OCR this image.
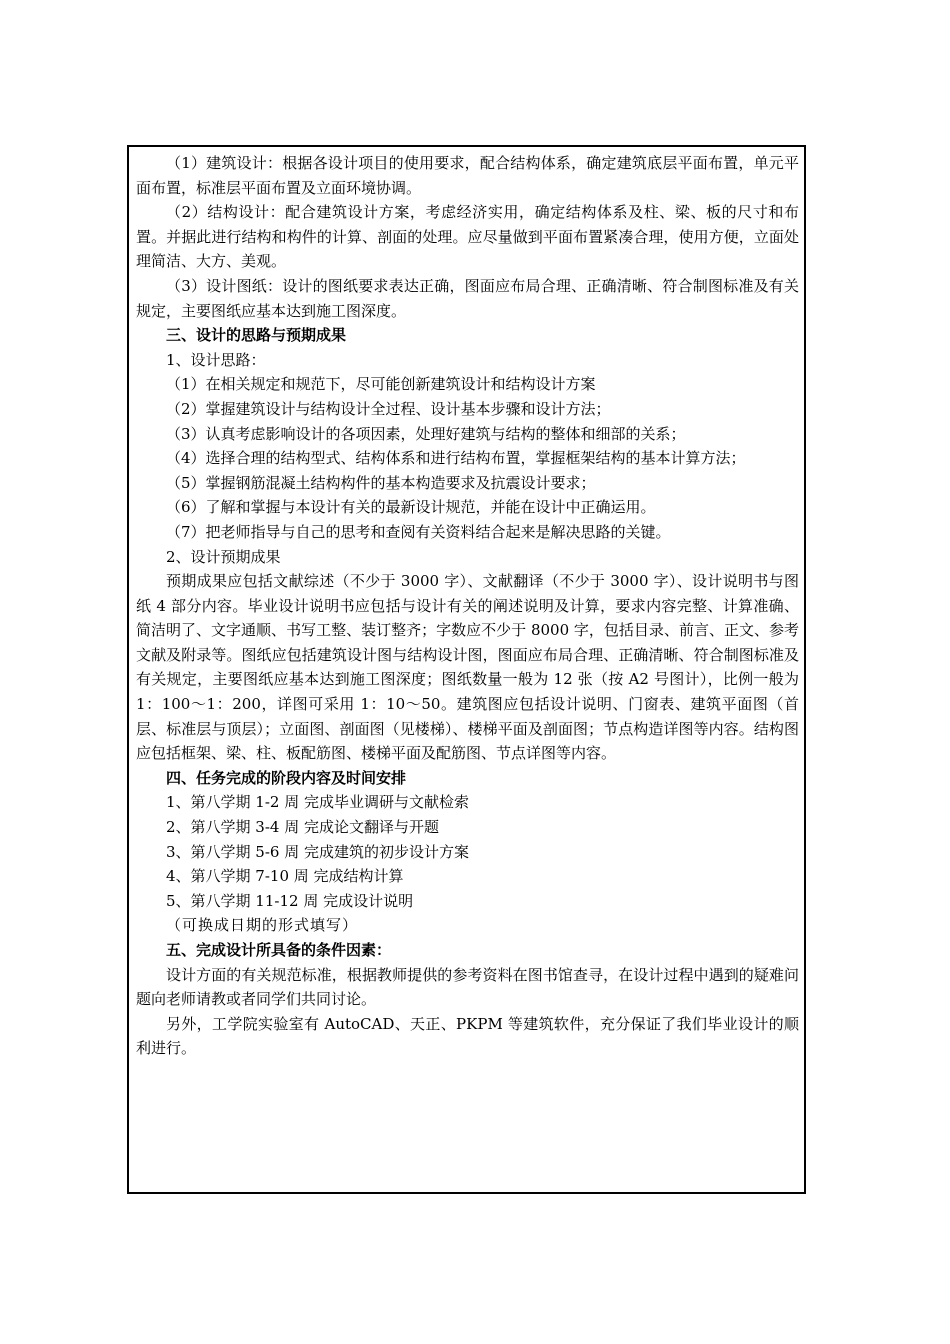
（1）建筑设计：根据各设计项目的使用要求，配合结构体系，确定建筑底层平面布置，单元平面布置，标准层平面布置及立面环境协调。

（2）结构设计：配合建筑设计方案，考虑经济实用，确定结构体系及柱、梁、板的尺寸和布置。并据此进行结构和构件的计算、剖面的处理。应尽量做到平面布置紧凑合理，使用方便，立面处理简洁、大方、美观。

（3）设计图纸：设计的图纸要求表达正确，图面应布局合理、正确清晰、符合制图标准及有关规定，主要图纸应基本达到施工图深度。

三、设计的思路与预期成果

1、设计思路：

（1）在相关规定和规范下，尽可能创新建筑设计和结构设计方案

（2）掌握建筑设计与结构设计全过程、设计基本步骤和设计方法；

（3）认真考虑影响设计的各项因素，处理好建筑与结构的整体和细部的关系；

（4）选择合理的结构型式、结构体系和进行结构布置，掌握框架结构的基本计算方法；

（5）掌握钢筋混凝土结构构件的基本构造要求及抗震设计要求；

（6）了解和掌握与本设计有关的最新设计规范，并能在设计中正确运用。

（7）把老师指导与自己的思考和查阅有关资料结合起来是解决思路的关键。

2、设计预期成果

预期成果应包括文献综述（不少于 3000 字）、文献翻译（不少于 3000 字）、设计说明书与图纸 4 部分内容。毕业设计说明书应包括与设计有关的阐述说明及计算，要求内容完整、计算准确、简洁明了、文字通顺、书写工整、装订整齐；字数应不少于 8000 字，包括目录、前言、正文、参考文献及附录等。图纸应包括建筑设计图与结构设计图，图面应布局合理、正确清晰、符合制图标准及有关规定，主要图纸应基本达到施工图深度；图纸数量一般为 12 张（按 A2 号图计），比例一般为 1：100～1：200，详图可采用 1：10～50。建筑图应包括设计说明、门窗表、建筑平面图（首层、标准层与顶层）；立面图、剖面图（见楼梯）、楼梯平面及剖面图；节点构造详图等内容。结构图应包括框架、梁、柱、板配筋图、楼梯平面及配筋图、节点详图等内容。

四、任务完成的阶段内容及时间安排

1、第八学期 1-2 周 完成毕业调研与文献检索

2、第八学期 3-4 周 完成论文翻译与开题

3、第八学期 5-6 周 完成建筑的初步设计方案

4、第八学期 7-10 周 完成结构计算

5、第八学期 11-12 周 完成设计说明

（可换成日期的形式填写）

五、完成设计所具备的条件因素：

设计方面的有关规范标准，根据教师提供的参考资料在图书馆查寻，在设计过程中遇到的疑难问题向老师请教或者同学们共同讨论。

另外，工学院实验室有 AutoCAD、天正、PKPM 等建筑软件，充分保证了我们毕业设计的顺利进行。
